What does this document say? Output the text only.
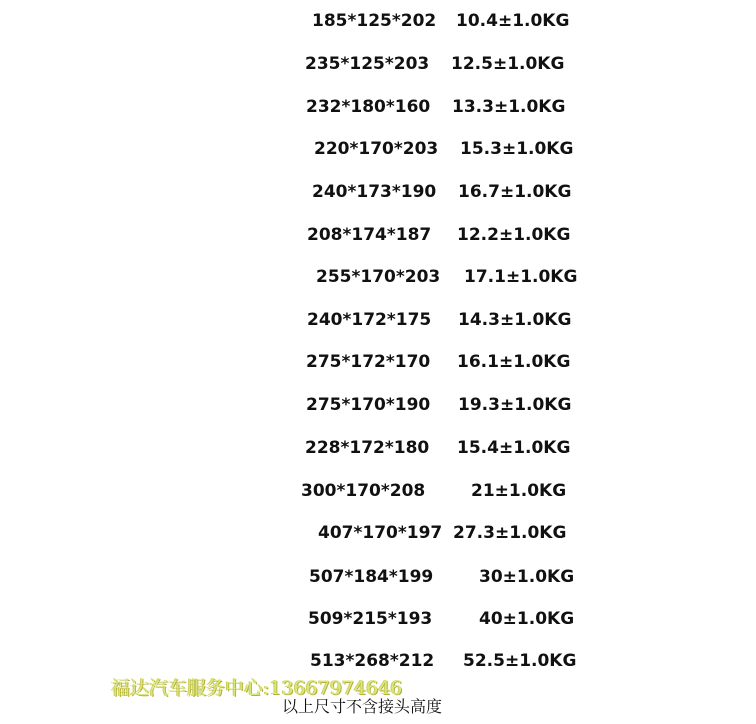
185*125*202 10.4±1.0KG
235*125*203 12.5±1.0KG
232*180*160 13.3±1.0KG
220*170*203 15.3±1.0KG
240*173*190 16.7±1.0KG
208*174*187 12.2±1.0KG
255*170*203 17.1±1.0KG
240*172*175 14.3±1.0KG
275*172*170 16.1±1.0KG
275*170*190 19.3±1.0KG
228*172*180 15.4±1.0KG
300*170*208	21±1.0KG
407*170*197 27.3±1.0KG
507*184*199	30±1.0KG
509*215*193	40±1.0KG
513*268*212 52.5±1.0KG
福达汽车服务中心:13667974646
以上尺寸不含接头高度
